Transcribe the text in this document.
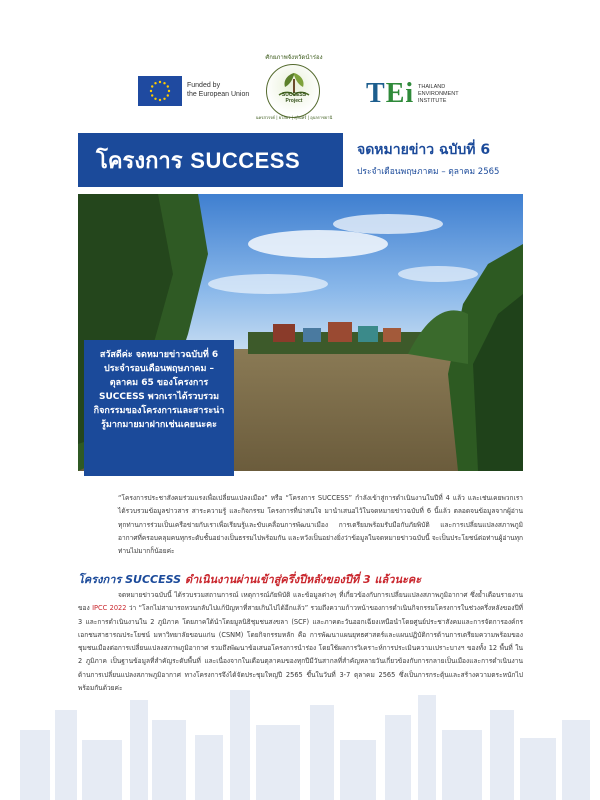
Funded by
the European Union
ศักยภาพจังหวัดนำร่อง
SUCCESS
Project
นครสวรรค์ | ยโสธร | สุรินทร์ | อุบลราชธานี
TEi THAILAND
ENVIRONMENT
INSTITUTE
โครงการ SUCCESS	จดหมายข่าว ฉบับที่ 6
ประจำเดือนพฤษภาคม – ตุลาคม 2565
สวัสดีค่ะ จดหมายข่าวฉบับที่ 6 ประจำรอบเดือนพฤษภาคม – ตุลาคม 65 ของโครงการ SUCCESS พวกเราได้รวบรวมกิจกรรมของโครงการและสาระน่ารู้มากมายมาฝากเช่นเคยนะคะ
“โครงการประชาสังคมร่วมแรงเพื่อเปลี่ยนแปลงเมือง” หรือ “โครงการ SUCCESS” กำลังเข้าสู่การดำเนินงานในปีที่ 4 แล้ว และเช่นเคยพวกเราได้รวบรวมข้อมูลข่าวสาร สาระความรู้ และกิจกรรม โครงการที่น่าสนใจ มานำเสนอไว้ในจดหมายข่าวฉบับที่ 6 นี้แล้ว ตลอดจนข้อมูลจากผู้อ่านทุกท่านการร่วมเป็นเครือข่ายกับเราเพื่อเรียนรู้และขับเคลื่อนการพัฒนาเมือง การเตรียมพร้อมรับมือกับภัยพิบัติ และการเปลี่ยนแปลงสภาพภูมิอากาศที่ครอบคลุมคนทุกระดับชั้นอย่างเป็นธรรมไปพร้อมกัน และหวังเป็นอย่างยิ่งว่าข้อมูลในจดหมายข่าวฉบับนี้ จะเป็นประโยชน์ต่อท่านผู้อ่านทุกท่านไม่มากก็น้อยค่ะ
โครงการ SUCCESS ดำเนินงานผ่านเข้าสู่ครึ่งปีหลังของปีที่ 3 แล้วนะคะ
จดหมายข่าวฉบับนี้ ได้รวบรวมสถานการณ์ เหตุการณ์ภัยพิบัติ และข้อมูลต่างๆ ที่เกี่ยวข้องกับการเปลี่ยนแปลงสภาพภูมิอากาศ ซึ่งย้ำเตือนรายงานของ IPCC 2022 ว่า “โลกไม่สามารถหวนกลับไปแก้ปัญหาที่สายเกินไปได้อีกแล้ว” รวมถึงความก้าวหน้าของการดำเนินกิจกรรมโครงการในช่วงครึ่งหลังของปีที่ 3 และการดำเนินงานใน 2 ภูมิภาค โดยภาคใต้นำโดยมูลนิธิชุมชนสงขลา (SCF) และภาคตะวันออกเฉียงเหนือนำโดยศูนย์ประชาสังคมและการจัดการองค์กรเอกชนสาธารณประโยชน์ มหาวิทยาลัยขอนแก่น (CSNM) โดยกิจกรรมหลัก คือ การพัฒนาแผนยุทธศาสตร์และแผนปฏิบัติการด้านการเตรียมความพร้อมของชุมชนเมืองต่อการเปลี่ยนแปลงสภาพภูมิอากาศ รวมถึงพัฒนาข้อเสนอโครงการนำร่อง โดยใช้ผลการวิเคราะห์การประเมินความเปราะบางฯ ของทั้ง 12 พื้นที่ ใน 2 ภูมิภาค เป็นฐานข้อมูลที่สำคัญระดับพื้นที่ และเนื่องจากในเดือนตุลาคมของทุกปีมีวันสากลที่สำคัญหลายวันเกี่ยวข้องกับการกลายเป็นเมืองและการดำเนินงานด้านการเปลี่ยนแปลงสภาพภูมิอากาศ ทางโครงการจึงได้จัดประชุมใหญ่ปี 2565 ขึ้นในวันที่ 3-7 ตุลาคม 2565 ซึ่งเป็นการกระตุ้นและสร้างความตระหนักไปพร้อมกันด้วยค่ะ
